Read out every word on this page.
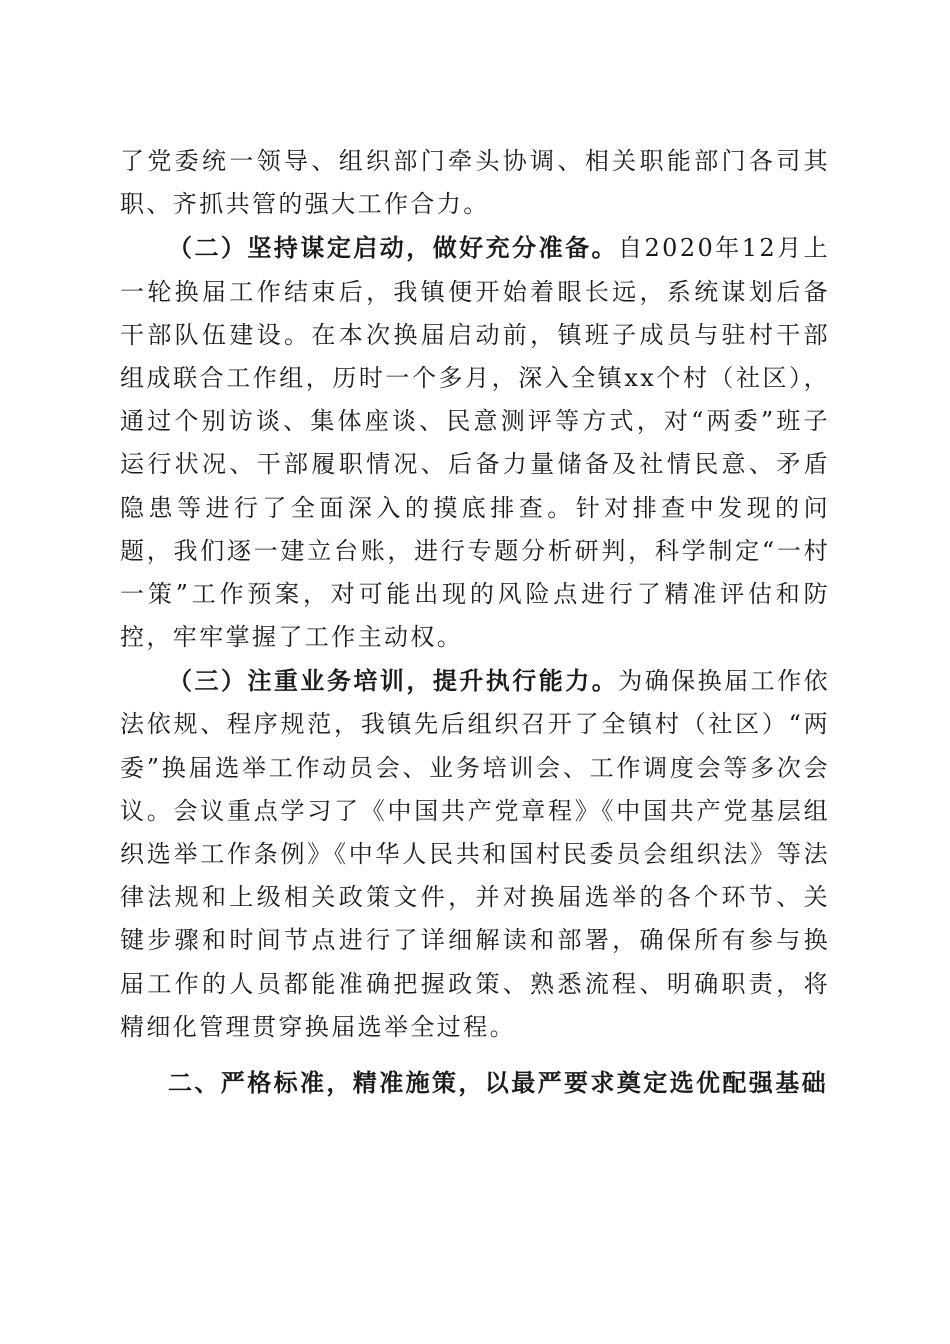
了党委统一领导、组织部门牵头协调、相关职能部门各司其职、齐抓共管的强大工作合力。

（二）坚持谋定启动，做好充分准备。自2020年12月上一轮换届工作结束后，我镇便开始着眼长远，系统谋划后备干部队伍建设。在本次换届启动前，镇班子成员与驻村干部组成联合工作组，历时一个多月，深入全镇xx个村（社区），通过个别访谈、集体座谈、民意测评等方式，对“两委”班子运行状况、干部履职情况、后备力量储备及社情民意、矛盾隐患等进行了全面深入的摸底排查。针对排查中发现的问题，我们逐一建立台账，进行专题分析研判，科学制定“一村一策”工作预案，对可能出现的风险点进行了精准评估和防控，牢牢掌握了工作主动权。

（三）注重业务培训，提升执行能力。为确保换届工作依法依规、程序规范，我镇先后组织召开了全镇村（社区）“两委”换届选举工作动员会、业务培训会、工作调度会等多次会议。会议重点学习了《中国共产党章程》《中国共产党基层组织选举工作条例》《中华人民共和国村民委员会组织法》等法律法规和上级相关政策文件，并对换届选举的各个环节、关键步骤和时间节点进行了详细解读和部署，确保所有参与换届工作的人员都能准确把握政策、熟悉流程、明确职责，将精细化管理贯穿换届选举全过程。

二、严格标准，精准施策，以最严要求奠定选优配强基础
